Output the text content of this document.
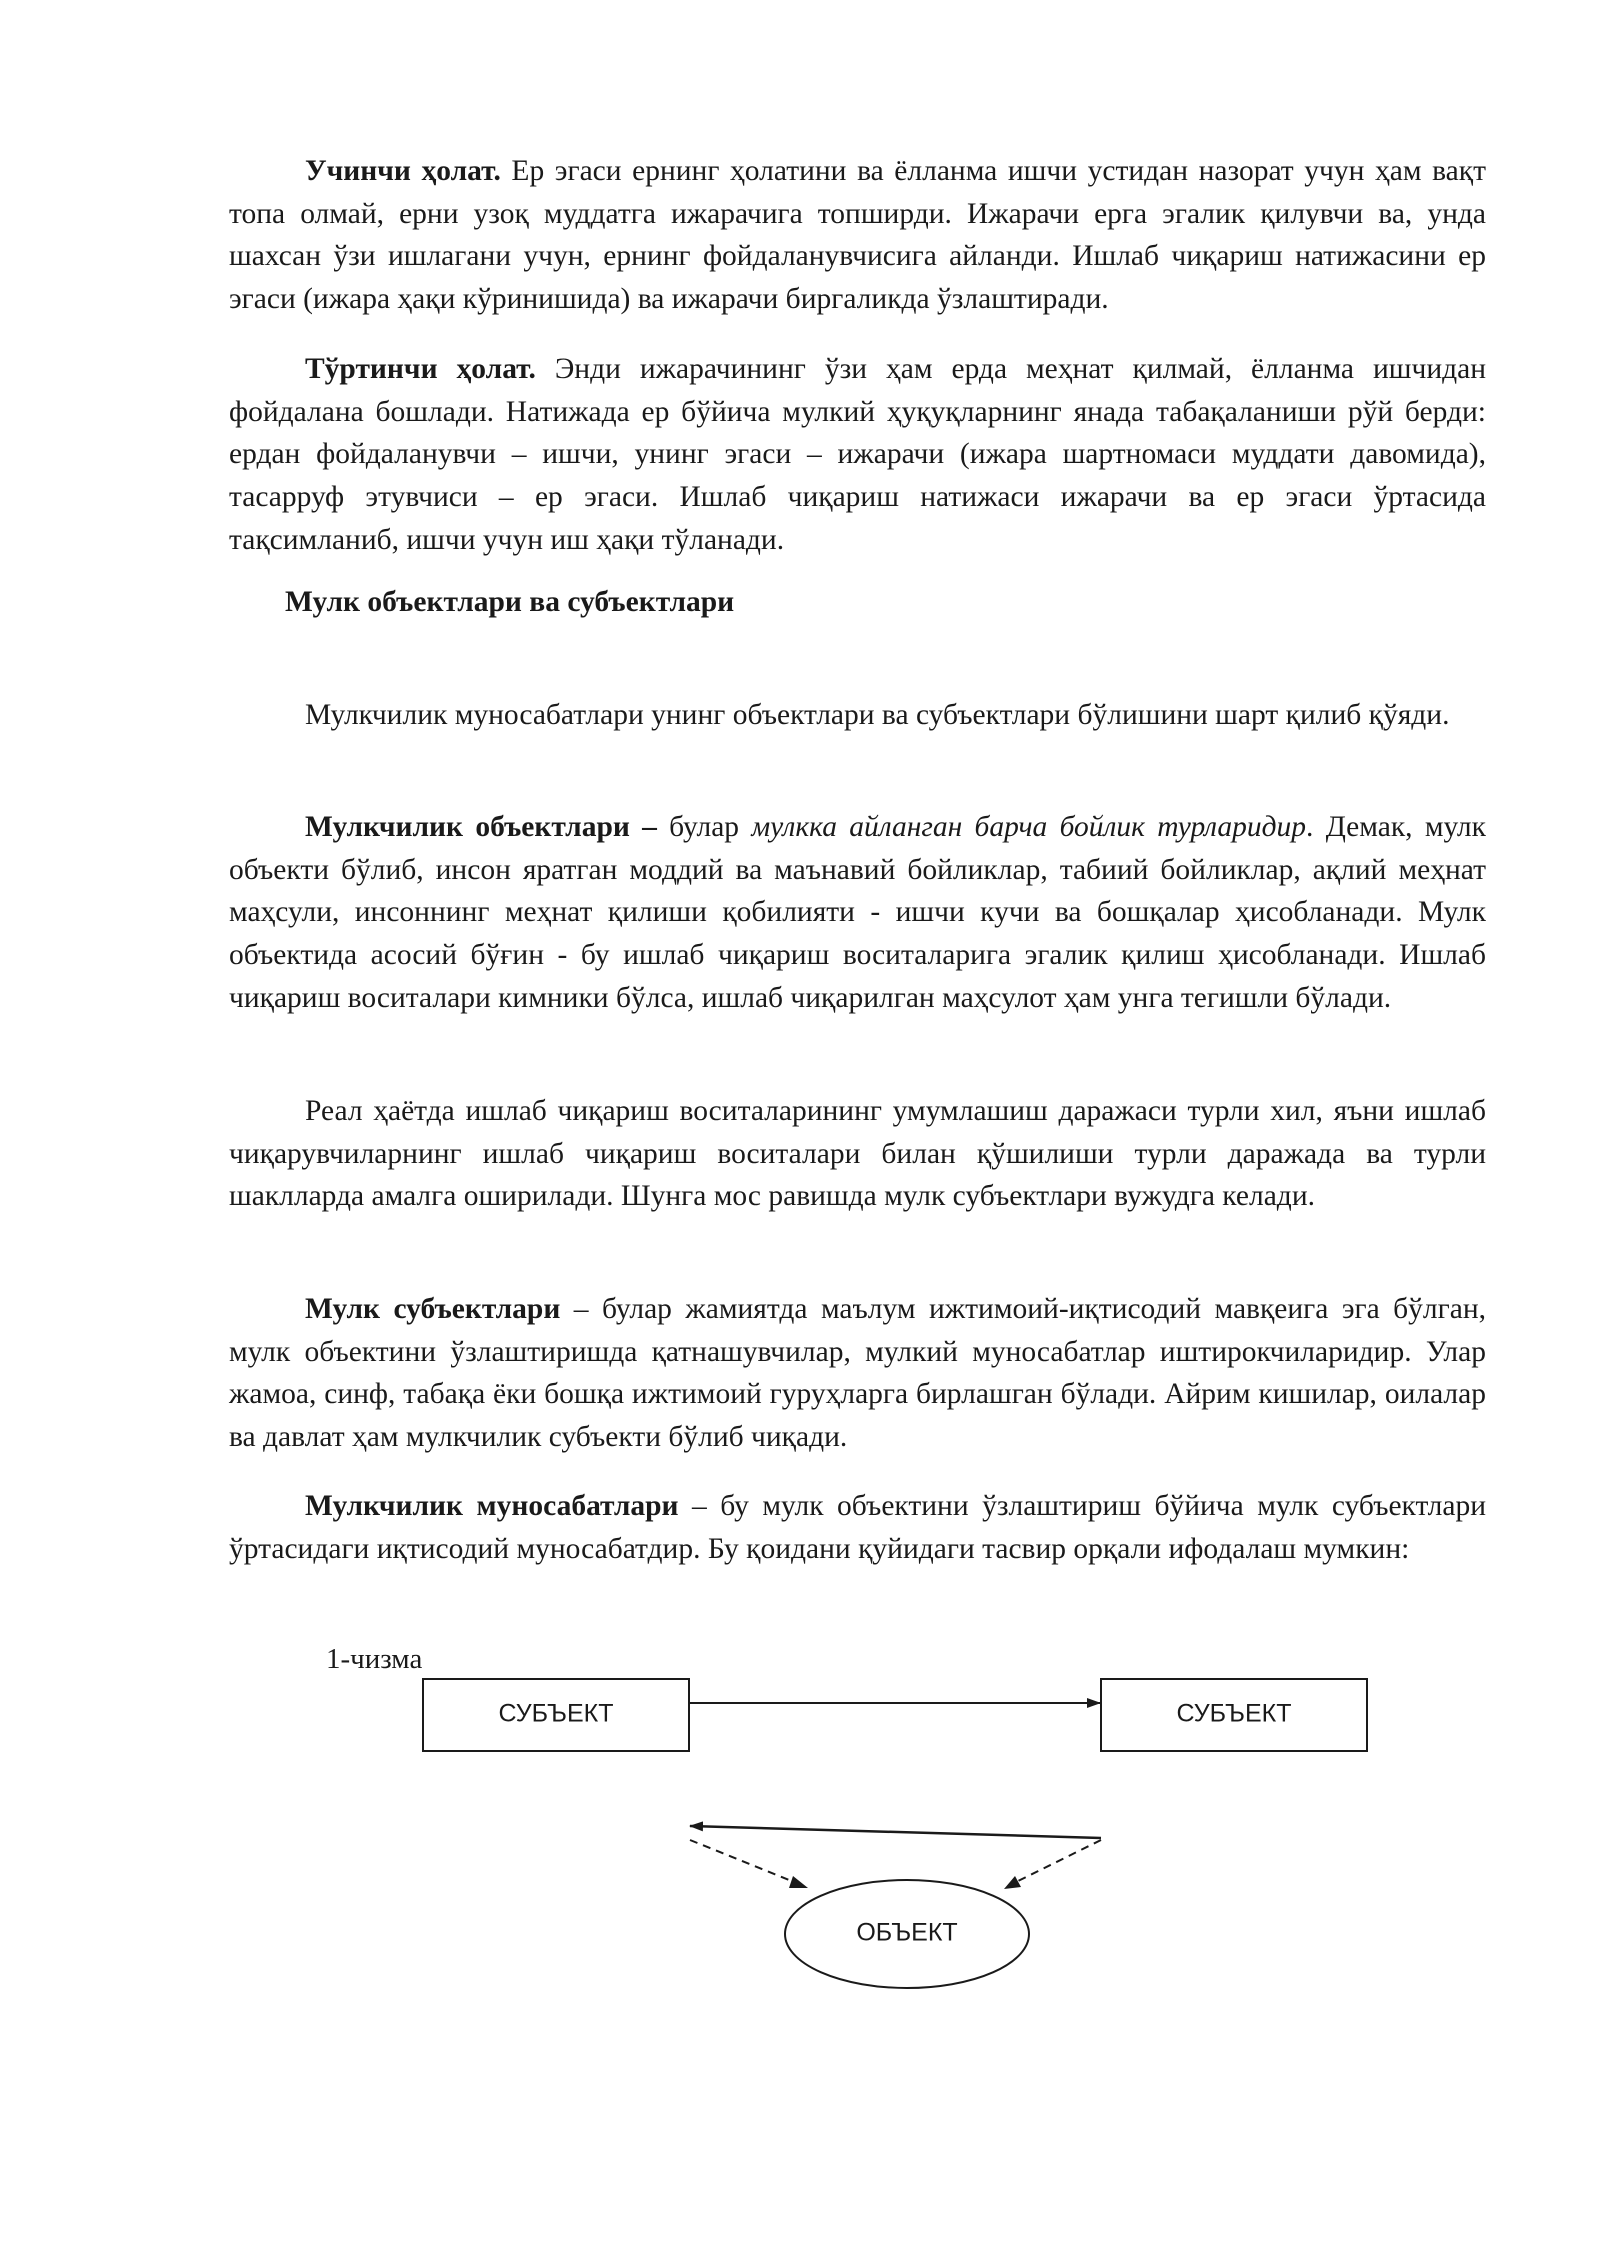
Учинчи ҳолат. Ер эгаси ернинг ҳолатини ва ёлланма ишчи устидан назорат учун ҳам вақт топа олмай, ерни узоқ муддатга ижарачига топширди. Ижарачи ерга эгалик қилувчи ва, унда шахсан ўзи ишлагани учун, ернинг фойдаланувчисига айланди. Ишлаб чиқариш натижасини ер эгаси (ижара ҳақи кўринишида) ва ижарачи биргаликда ўзлаштиради.

Тўртинчи ҳолат. Энди ижарачининг ўзи ҳам ерда меҳнат қилмай, ёлланма ишчидан фойдалана бошлади. Натижада ер бўйича мулкий ҳуқуқларнинг янада табақаланиши рўй берди: ердан фойдаланувчи – ишчи, унинг эгаси – ижарачи (ижара шартномаси муддати давомида), тасарруф этувчиси – ер эгаси. Ишлаб чиқариш натижаси ижарачи ва ер эгаси ўртасида тақсимланиб, ишчи учун иш ҳақи тўланади.

Мулк объектлари ва субъектлари

Мулкчилик муносабатлари унинг объектлари ва субъектлари бўлишини шарт қилиб қўяди.

Мулкчилик объектлари – булар мулкка айланган барча бойлик турларидир. Демак, мулк объекти бўлиб, инсон яратган моддий ва маънавий бойликлар, табиий бойликлар, ақлий меҳнат маҳсули, инсоннинг меҳнат қилиши қобилияти - ишчи кучи ва бошқалар ҳисобланади. Мулк объектида асосий бўғин - бу ишлаб чиқариш воситаларига эгалик қилиш ҳисобланади. Ишлаб чиқариш воситалари кимники бўлса, ишлаб чиқарилган маҳсулот ҳам унга тегишли бўлади.

Реал ҳаётда ишлаб чиқариш воситаларининг умумлашиш даражаси турли хил, яъни ишлаб чиқарувчиларнинг ишлаб чиқариш воситалари билан қўшилиши турли даражада ва турли шаклларда амалга оширилади. Шунга мос равишда мулк субъектлари вужудга келади.

Мулк субъектлари – булар жамиятда маълум ижтимоий-иқтисодий мавқеига эга бўлган, мулк объектини ўзлаштиришда қатнашувчилар, мулкий муносабатлар иштирокчиларидир. Улар жамоа, синф, табақа ёки бошқа ижтимоий гуруҳларга бирлашган бўлади. Айрим кишилар, оилалар ва давлат ҳам мулкчилик субъекти бўлиб чиқади.

Мулкчилик муносабатлари – бу мулк объектини ўзлаштириш бўйича мулк субъектлари ўртасидаги иқтисодий муносабатдир. Бу қоидани қуйидаги тасвир орқали ифодалаш мумкин:

1-чизма
СУБЪЕКТ	СУБЪЕКТ
ОБЪЕКТ
